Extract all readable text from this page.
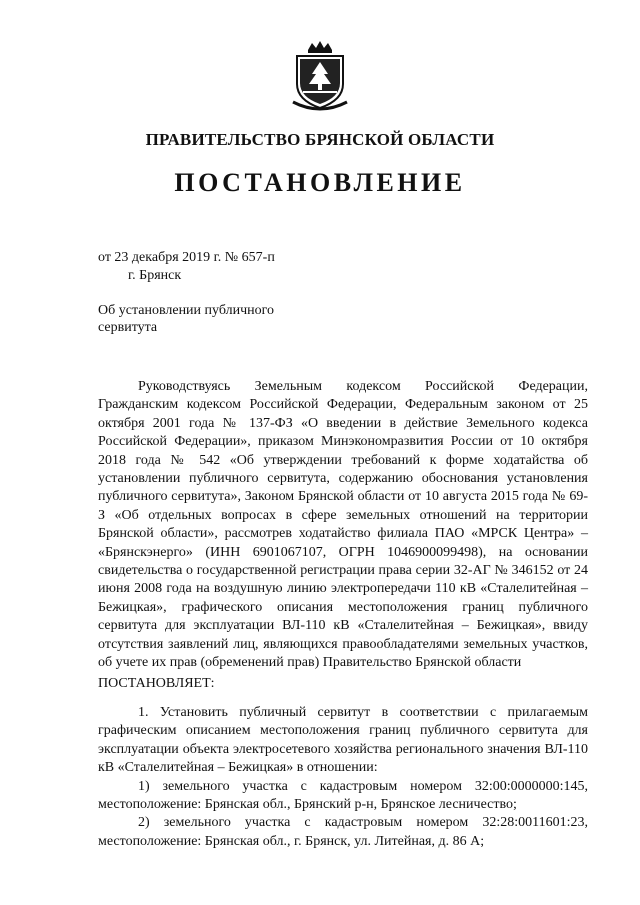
ПРАВИТЕЛЬСТВО БРЯНСКОЙ ОБЛАСТИ
ПОСТАНОВЛЕНИЕ
от 23 декабря 2019 г. № 657-п
г. Брянск
Об установлении публичного сервитута
Руководствуясь Земельным кодексом Российской Федерации, Гражданским кодексом Российской Федерации, Федеральным законом от 25 октября 2001 года № 137-ФЗ «О введении в действие Земельного кодекса Российской Федерации», приказом Минэкономразвития России от 10 октября 2018 года № 542 «Об утверждении требований к форме ходатайства об установлении публичного сервитута, содержанию обоснования установления публичного сервитута», Законом Брянской области от 10 августа 2015 года № 69-З «Об отдельных вопросах в сфере земельных отношений на территории Брянской области», рассмотрев ходатайство филиала ПАО «МРСК Центра» – «Брянскэнерго» (ИНН 6901067107, ОГРН 1046900099498), на основании свидетельства о государственной регистрации права серии 32-АГ № 346152 от 24 июня 2008 года на воздушную линию электропередачи 110 кВ «Сталелитейная – Бежицкая», графического описания местоположения границ публичного сервитута для эксплуатации ВЛ-110 кВ «Сталелитейная – Бежицкая», ввиду отсутствия заявлений лиц, являющихся правообладателями земельных участков, об учете их прав (обременений прав) Правительство Брянской области
ПОСТАНОВЛЯЕТ:
1. Установить публичный сервитут в соответствии с прилагаемым графическим описанием местоположения границ публичного сервитута для эксплуатации объекта электросетевого хозяйства регионального значения ВЛ-110 кВ «Сталелитейная – Бежицкая» в отношении:
1) земельного участка с кадастровым номером 32:00:0000000:145, местоположение: Брянская обл., Брянский р-н, Брянское лесничество;
2) земельного участка с кадастровым номером 32:28:0011601:23, местоположение: Брянская обл., г. Брянск, ул. Литейная, д. 86 А;
